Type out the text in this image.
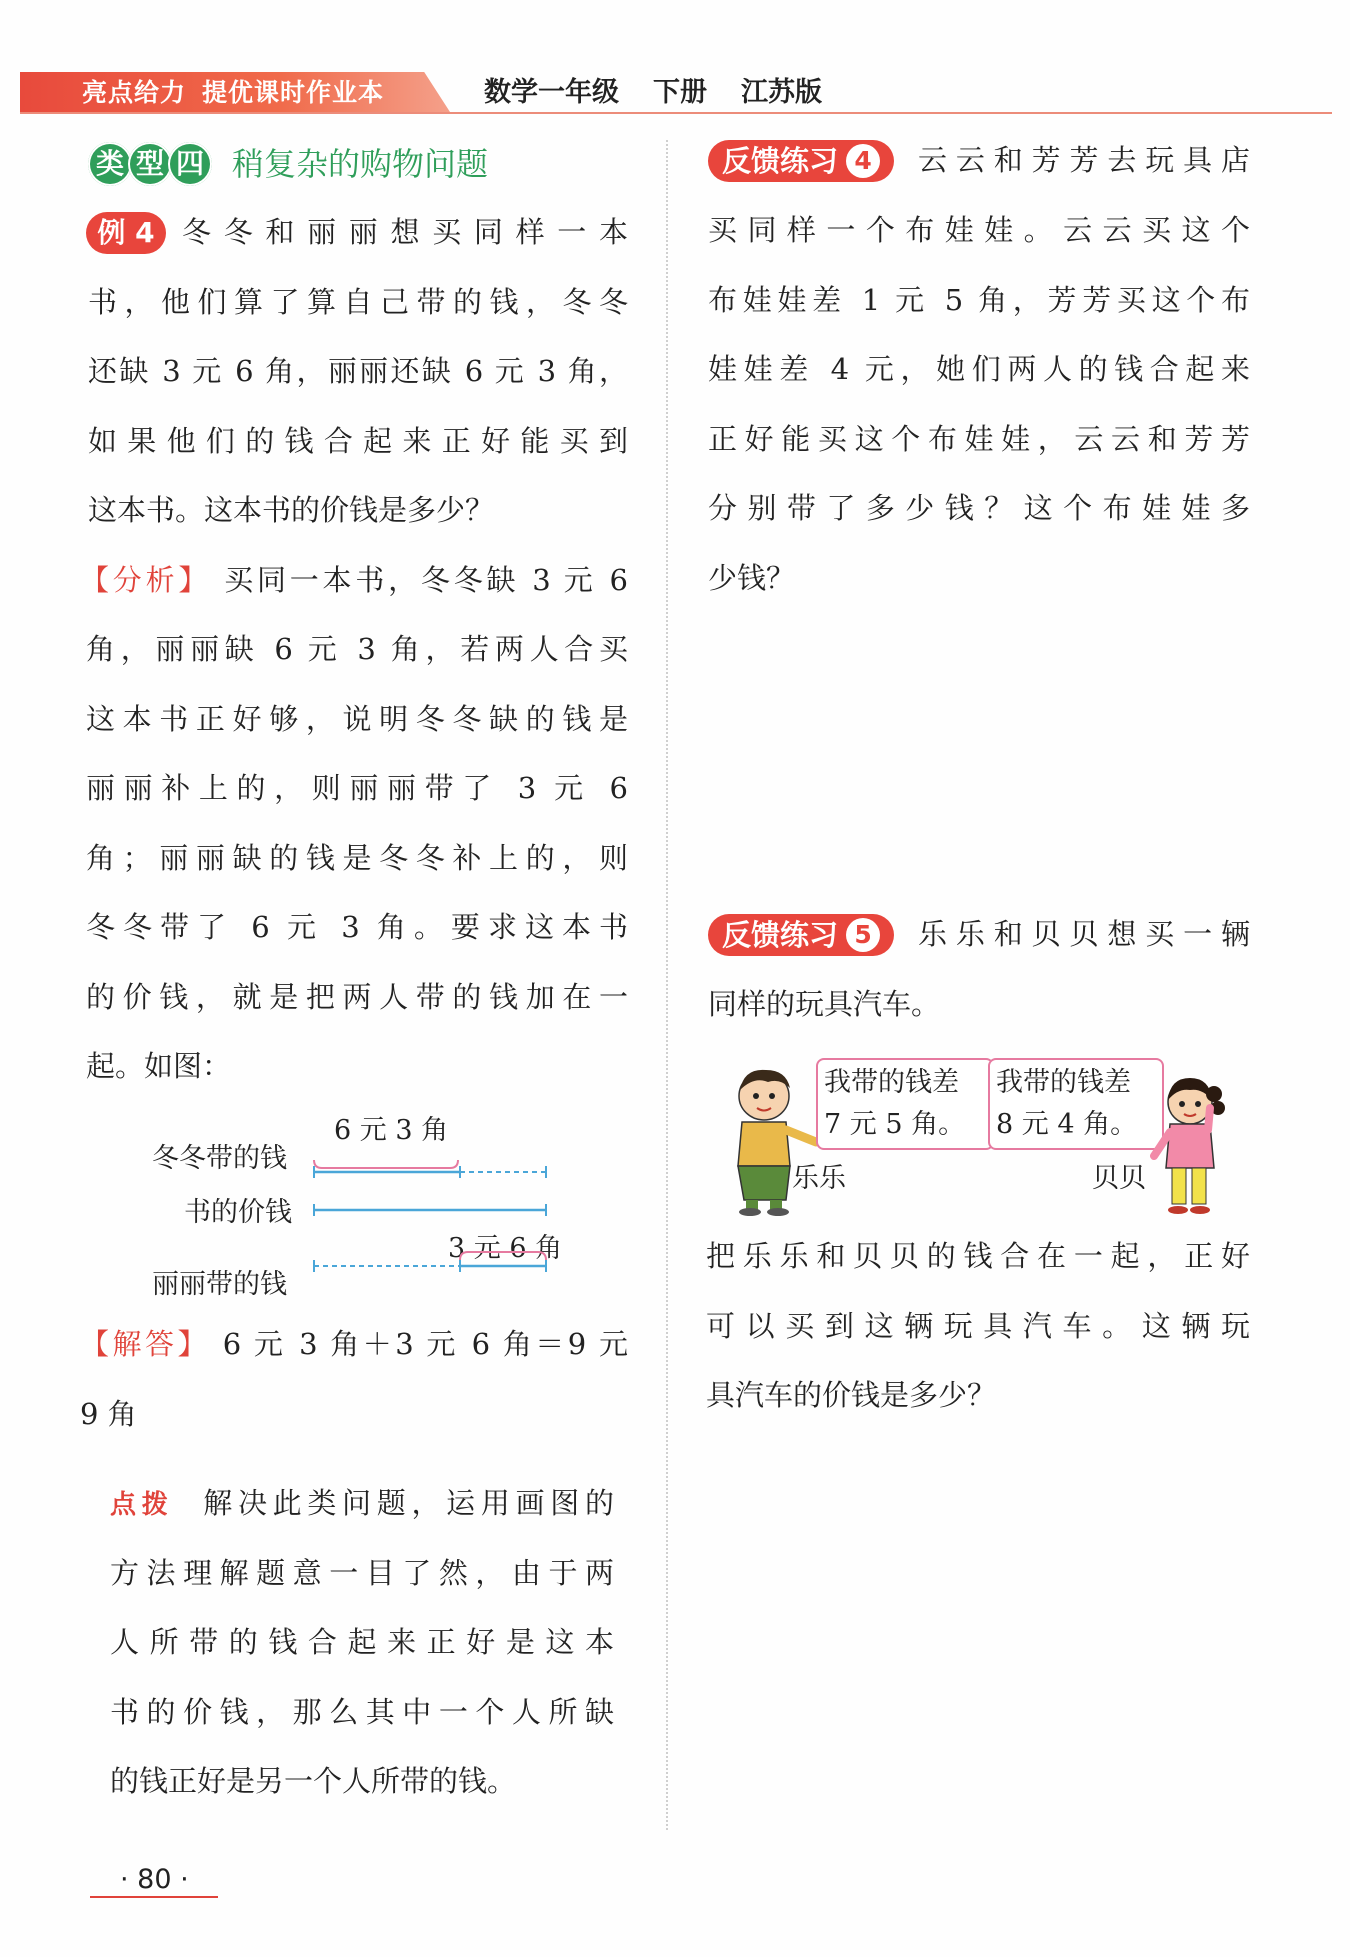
亮点给力 提优课时作业本	数学一年级 下册 江苏版
类 型 四 稍复杂的购物问题
例 4 冬冬和丽丽想买同样一本
书，他们算了算自己带的钱，冬冬
还缺 3 元 6 角，丽丽还缺 6 元 3 角，
如果他们的钱合起来正好能买到
这本书。这本书的价钱是多少？
【分析】 买同一本书，冬冬缺 3 元 6
角，丽丽缺 6 元 3 角，若两人合买
这本书正好够，说明冬冬缺的钱是
丽丽补上的，则丽丽带了 3 元 6
角；丽丽缺的钱是冬冬补上的，则
冬冬带了 6 元 3 角。要求这本书
的价钱，就是把两人带的钱加在一
起。如图：
冬冬带的钱
书的价钱
丽丽带的钱
6 元 3 角
3 元 6 角
【解答】 6 元 3 角＋3 元 6 角＝9 元
9 角
点拨 解决此类问题，运用画图的
方法理解题意一目了然，由于两
人所带的钱合起来正好是这本
书的价钱，那么其中一个人所缺
的钱正好是另一个人所带的钱。
反馈练习 4	云云和芳芳去玩具店
买同样一个布娃娃。云云买这个
布娃娃差 1 元 5 角，芳芳买这个布
娃娃差 4 元，她们两人的钱合起来
正好能买这个布娃娃，云云和芳芳
分别带了多少钱？这个布娃娃多
少钱？
反馈练习 5	乐乐和贝贝想买一辆
同样的玩具汽车。
我带的钱差
7 元 5 角。
我带的钱差
8 元 4 角。
乐乐	贝贝
把乐乐和贝贝的钱合在一起，正好
可以买到这辆玩具汽车。这辆玩
具汽车的价钱是多少？
· 80 ·
